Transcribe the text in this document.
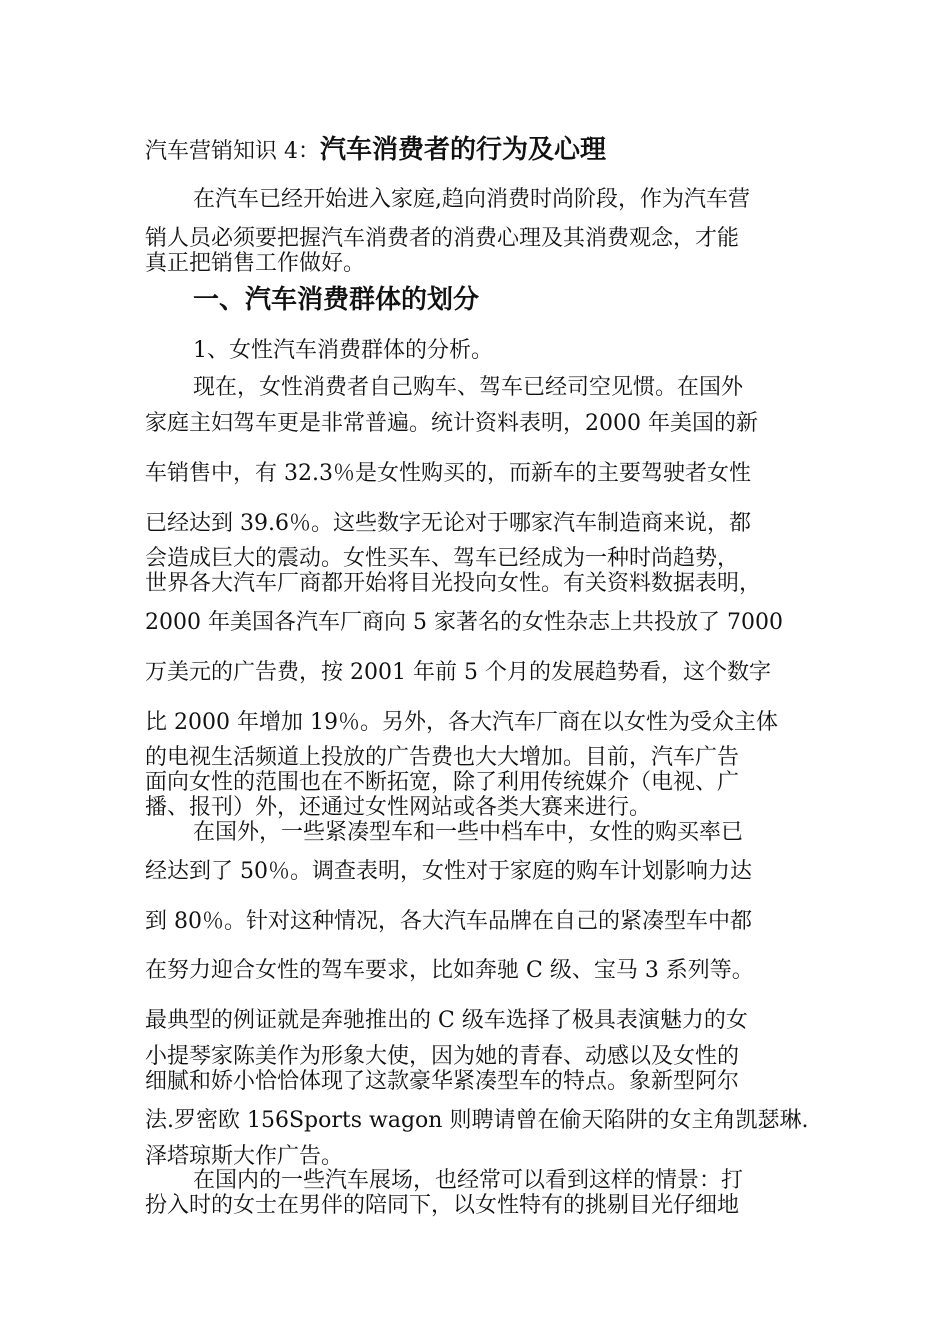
汽车营销知识 4：汽车消费者的行为及心理
在汽车已经开始进入家庭,趋向消费时尚阶段，作为汽车营
销人员必须要把握汽车消费者的消费心理及其消费观念，才能
真正把销售工作做好。
一、汽车消费群体的划分
1、女性汽车消费群体的分析。
现在，女性消费者自己购车、驾车已经司空见惯。在国外
家庭主妇驾车更是非常普遍。统计资料表明，2000 年美国的新
车销售中，有 32.3％是女性购买的，而新车的主要驾驶者女性
已经达到 39.6％。这些数字无论对于哪家汽车制造商来说，都
会造成巨大的震动。女性买车、驾车已经成为一种时尚趋势，
世界各大汽车厂商都开始将目光投向女性。有关资料数据表明，
2000 年美国各汽车厂商向 5 家著名的女性杂志上共投放了 7000
万美元的广告费，按 2001 年前 5 个月的发展趋势看，这个数字
比 2000 年增加 19％。另外，各大汽车厂商在以女性为受众主体
的电视生活频道上投放的广告费也大大增加。目前，汽车广告
面向女性的范围也在不断拓宽，除了利用传统媒介（电视、广
播、报刊）外，还通过女性网站或各类大赛来进行。
在国外，一些紧凑型车和一些中档车中，女性的购买率已
经达到了 50％。调查表明，女性对于家庭的购车计划影响力达
到 80％。针对这种情况，各大汽车品牌在自己的紧凑型车中都
在努力迎合女性的驾车要求，比如奔驰 C 级、宝马 3 系列等。
最典型的例证就是奔驰推出的 C 级车选择了极具表演魅力的女
小提琴家陈美作为形象大使，因为她的青春、动感以及女性的
细腻和娇小恰恰体现了这款豪华紧凑型车的特点。象新型阿尔
法.罗密欧 156Sports wagon 则聘请曾在偷天陷阱的女主角凯瑟琳.
泽塔琼斯大作广告。
在国内的一些汽车展场，也经常可以看到这样的情景：打
扮入时的女士在男伴的陪同下，以女性特有的挑剔目光仔细地
